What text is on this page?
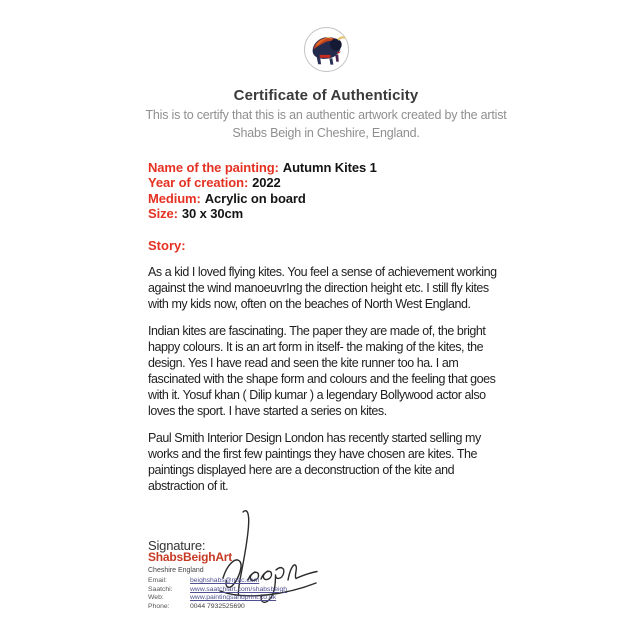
Certificate of Authenticity
This is to certify that this is an authentic artwork created by the artist Shabs Beigh in Cheshire, England.
Name of the painting: Autumn Kites 1
Year of creation: 2022
Medium: Acrylic on board
Size: 30 x 30cm
Story:

As a kid I loved flying kites. You feel a sense of achievement working against the wind manoeuvrIng the direction height etc. I still fly kites with my kids now, often on the beaches of North West England.

Indian kites are fascinating. The paper they are made of, the bright happy colours. It is an art form in itself- the making of the kites, the design. Yes I have read and seen the kite runner too ha. I am fascinated with the shape form and colours and the feeling that goes with it. Yosuf khan ( Dilip kumar ) a legendary Bollywood actor also loves the sport. I have started a series on kites.

Paul Smith Interior Design London has recently started selling my works and the first few paintings they have chosen are kites. The paintings displayed here are a deconstruction of the kite and abstraction of it.

Signature:
ShabsBeighArt
Cheshire England
Email:	beighshabs@mac.com
Saatchi:	www.saatchiart.com/shabsbeigh
Web:	www.paintingsandprint.co.uk
Phone:	0044 7932525690
